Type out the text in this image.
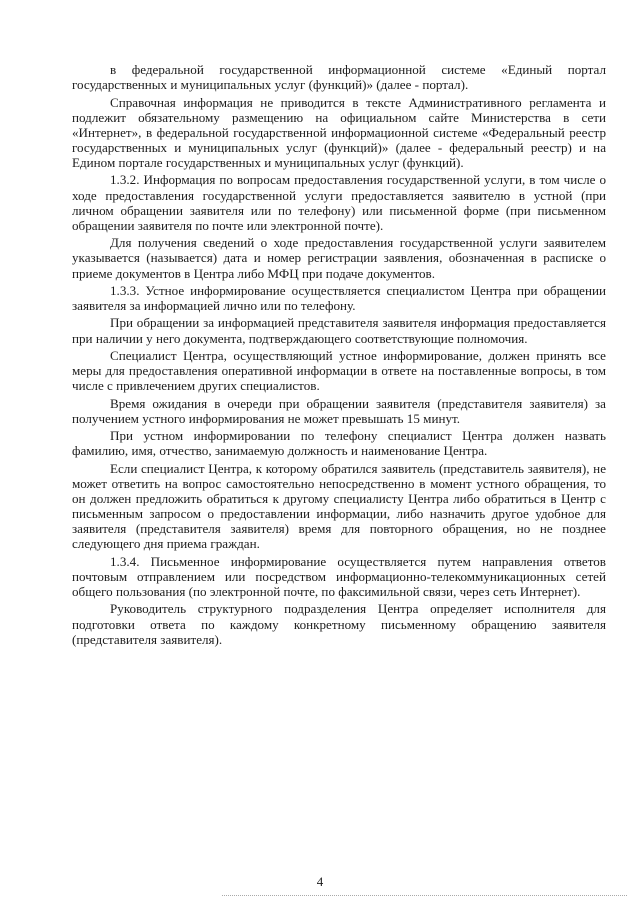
в федеральной государственной информационной системе «Единый портал государственных и муниципальных услуг (функций)» (далее - портал).

Справочная информация не приводится в тексте Административного регламента и подлежит обязательному размещению на официальном сайте Министерства в сети «Интернет», в федеральной государственной информационной системе «Федеральный реестр государственных и муниципальных услуг (функций)» (далее - федеральный реестр) и на Едином портале государственных и муниципальных услуг (функций).

1.3.2. Информация по вопросам предоставления государственной услуги, в том числе о ходе предоставления государственной услуги предоставляется заявителю в устной (при личном обращении заявителя или по телефону) или письменной форме (при письменном обращении заявителя по почте или электронной почте).

Для получения сведений о ходе предоставления государственной услуги заявителем указывается (называется) дата и номер регистрации заявления, обозначенная в расписке о приеме документов в Центра либо МФЦ при подаче документов.

1.3.3. Устное информирование осуществляется специалистом Центра при обращении заявителя за информацией лично или по телефону.

При обращении за информацией представителя заявителя информация предоставляется при наличии у него документа, подтверждающего соответствующие полномочия.

Специалист Центра, осуществляющий устное информирование, должен принять все меры для предоставления оперативной информации в ответе на поставленные вопросы, в том числе с привлечением других специалистов.

Время ожидания в очереди при обращении заявителя (представителя заявителя) за получением устного информирования не может превышать 15 минут.

При устном информировании по телефону специалист Центра должен назвать фамилию, имя, отчество, занимаемую должность и наименование Центра.

Если специалист Центра, к которому обратился заявитель (представитель заявителя), не может ответить на вопрос самостоятельно непосредственно в момент устного обращения, то он должен предложить обратиться к другому специалисту Центра либо обратиться в Центр с письменным запросом о предоставлении информации, либо назначить другое удобное для заявителя (представителя заявителя) время для повторного обращения, но не позднее следующего дня приема граждан.

1.3.4. Письменное информирование осуществляется путем направления ответов почтовым отправлением или посредством информационно-телекоммуникационных сетей общего пользования (по электронной почте, по факсимильной связи, через сеть Интернет).

Руководитель структурного подразделения Центра определяет исполнителя для подготовки ответа по каждому конкретному письменному обращению заявителя (представителя заявителя).

4
